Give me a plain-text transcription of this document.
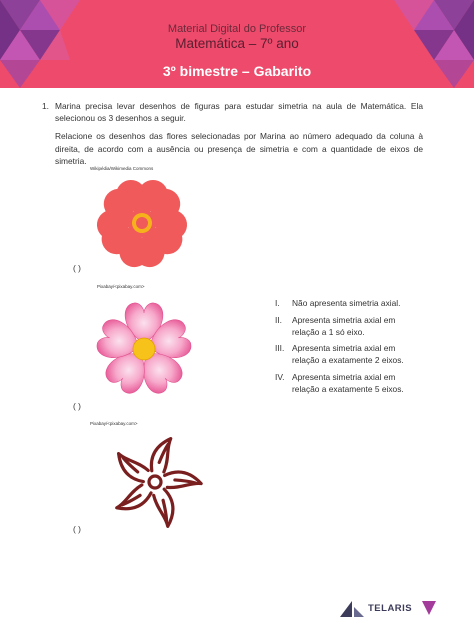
Material Digital do Professor
Matemática – 7º ano
3º bimestre – Gabarito
1. Marina precisa levar desenhos de figuras para estudar simetria na aula de Matemática. Ela selecionou os 3 desenhos a seguir.

Relacione os desenhos das flores selecionadas por Marina ao número adequado da coluna à direita, de acordo com a ausência ou presença de simetria e com a quantidade de eixos de simetria.

Wikipédia/Wikimedia Commons
( )
Pixabay/<pixabay.com>
( )
Pixabay/<pixabay.com>
( )
I. Não apresenta simetria axial.
II. Apresenta simetria axial em relação a 1 só eixo.
III. Apresenta simetria axial em relação a exatamente 2 eixos.
IV. Apresenta simetria axial em relação a exatamente 5 eixos.
TELARIS
